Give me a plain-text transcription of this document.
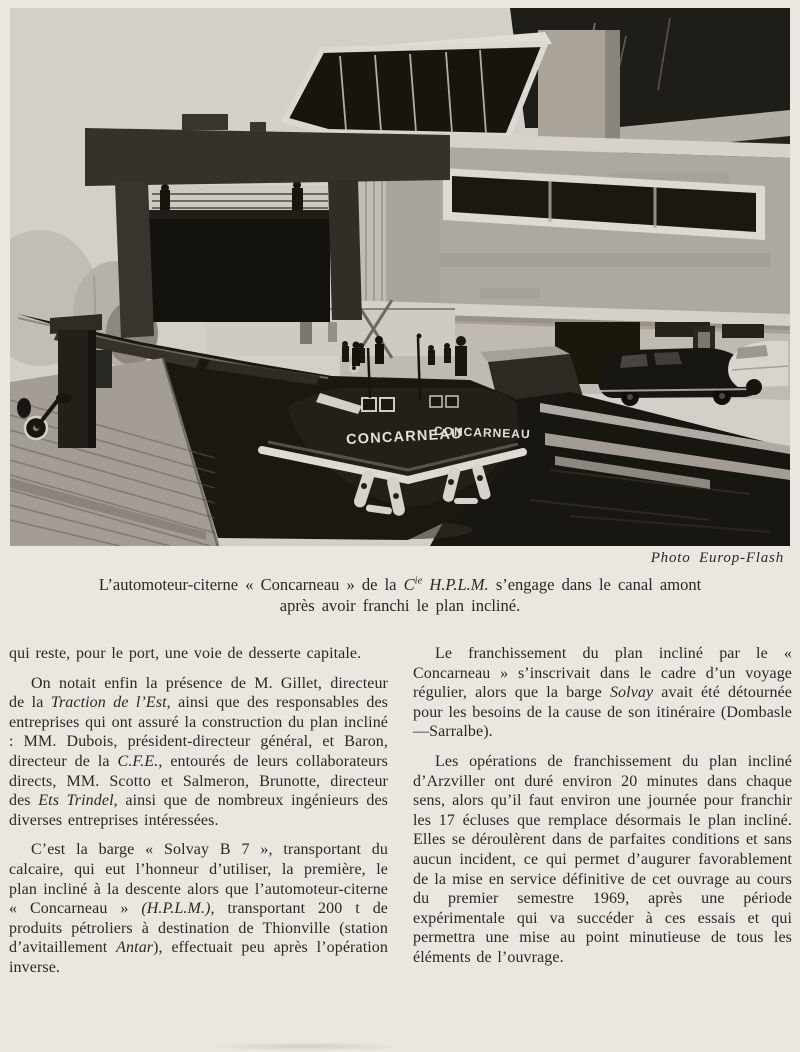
CONCARNEAU
CONCARNEAU
Photo Europ-Flash
L’automoteur-citerne « Concarneau » de la $C^{ie}$ H.P.L.M. s’engage dans le canal amont
après avoir franchi le plan incliné.

qui reste, pour le port, une voie de desserte capitale.

On notait enfin la présence de M. Gillet, directeur de la Traction de l’Est, ainsi que des responsables des entreprises qui ont assuré la construction du plan incliné : MM. Dubois, président-directeur général, et Baron, directeur de la C.F.E., entourés de leurs collaborateurs directs, MM. Scotto et Salmeron, Brunotte, directeur des Ets Trindel, ainsi que de nombreux ingénieurs des diverses entreprises intéressées.

C’est la barge « Solvay B 7 », transportant du calcaire, qui eut l’honneur d’utiliser, la première, le plan incliné à la descente alors que l’automoteur-citerne « Concarneau » (H.P.L.M.), transportant 200 t de produits pétroliers à destination de Thionville (station d’avitaillement Antar), effectuait peu après l’opération inverse.

Le franchissement du plan incliné par le « Concarneau » s’inscrivait dans le cadre d’un voyage régulier, alors que la barge Solvay avait été détournée pour les besoins de la cause de son itinéraire (Dombasle—Sarralbe).

Les opérations de franchissement du plan incliné d’Arzviller ont duré environ 20 minutes dans chaque sens, alors qu’il faut environ une journée pour franchir les 17 écluses que remplace désormais le plan incliné. Elles se déroulèrent dans de parfaites conditions et sans aucun incident, ce qui permet d’augurer favorablement de la mise en service définitive de cet ouvrage au cours du premier semestre 1969, après une période expérimentale qui va succéder à ces essais et qui permettra une mise au point minutieuse de tous les éléments de l’ouvrage.
